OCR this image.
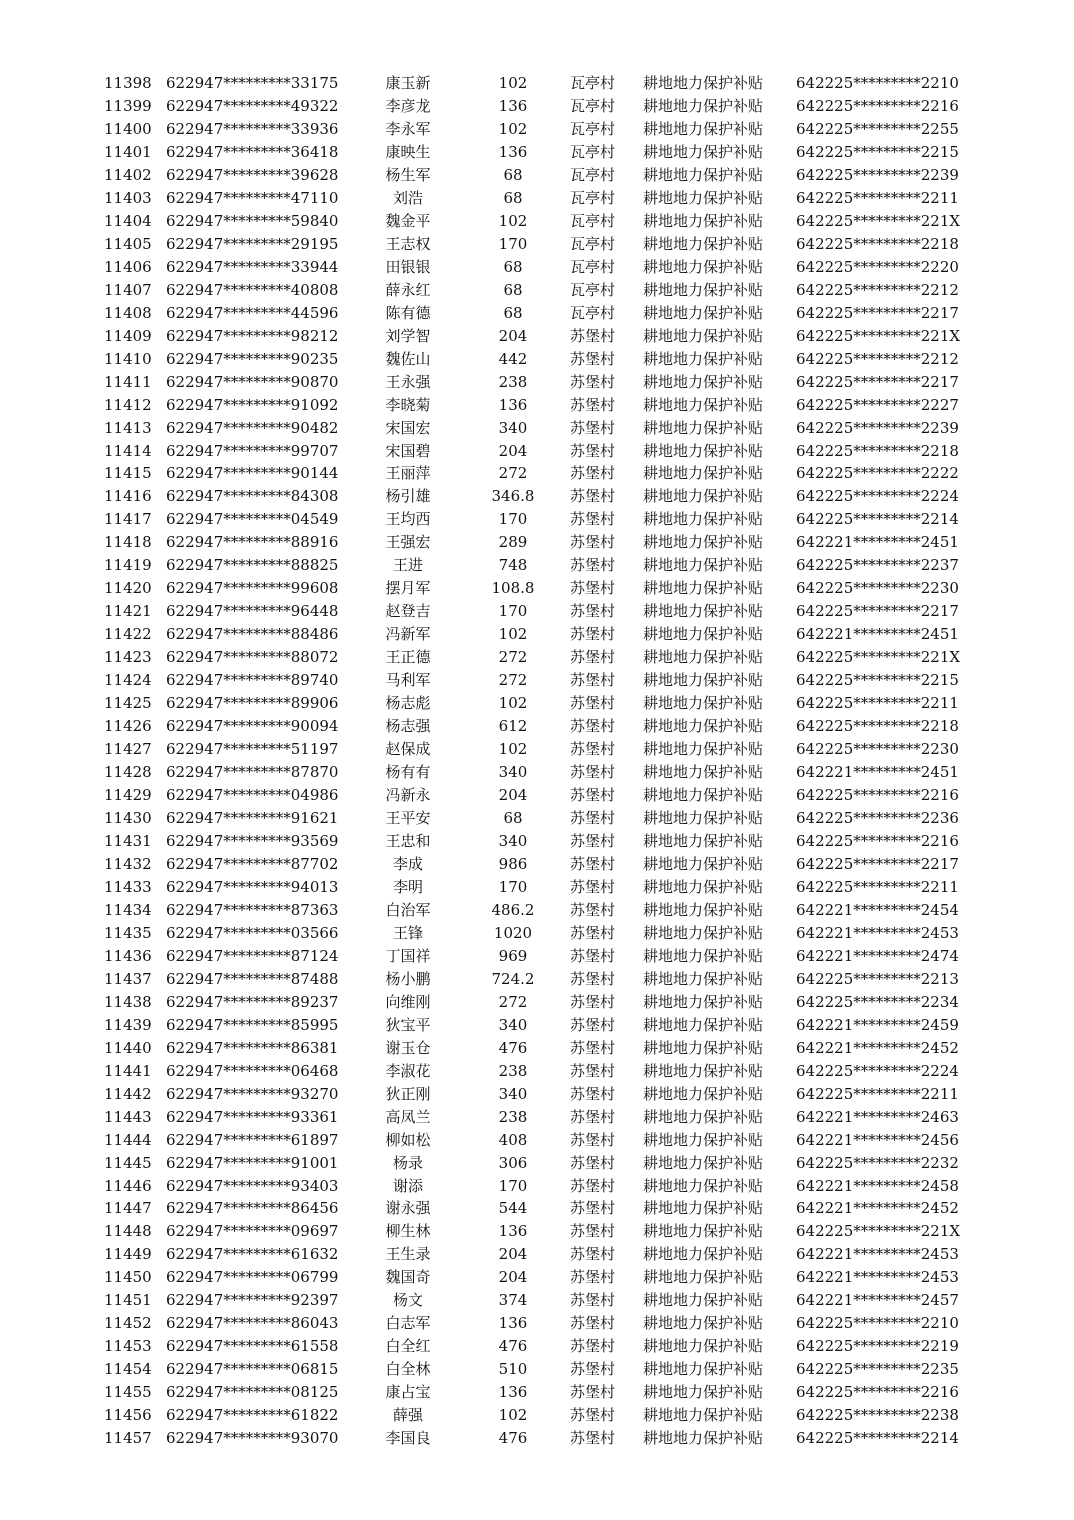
11398 622947*********33175	康玉新	102	瓦亭村	耕地地力保护补贴	642225*********2210
11399 622947*********49322	李彦龙	136	瓦亭村	耕地地力保护补贴	642225*********2216
11400 622947*********33936	李永军	102	瓦亭村	耕地地力保护补贴	642225*********2255
11401 622947*********36418	康映生	136	瓦亭村	耕地地力保护补贴	642225*********2215
11402 622947*********39628	杨生军	68	瓦亭村	耕地地力保护补贴	642225*********2239
11403 622947*********47110	刘浩	68	瓦亭村	耕地地力保护补贴	642225*********2211
11404 622947*********59840	魏金平	102	瓦亭村	耕地地力保护补贴	642225*********221X
11405 622947*********29195	王志权	170	瓦亭村	耕地地力保护补贴	642225*********2218
11406 622947*********33944	田银银	68	瓦亭村	耕地地力保护补贴	642225*********2220
11407 622947*********40808	薛永红	68	瓦亭村	耕地地力保护补贴	642225*********2212
11408 622947*********44596	陈有德	68	瓦亭村	耕地地力保护补贴	642225*********2217
11409 622947*********98212	刘学智	204	苏堡村	耕地地力保护补贴	642225*********221X
11410 622947*********90235	魏佐山	442	苏堡村	耕地地力保护补贴	642225*********2212
11411 622947*********90870	王永强	238	苏堡村	耕地地力保护补贴	642225*********2217
11412 622947*********91092	李晓菊	136	苏堡村	耕地地力保护补贴	642225*********2227
11413 622947*********90482	宋国宏	340	苏堡村	耕地地力保护补贴	642225*********2239
11414 622947*********99707	宋国碧	204	苏堡村	耕地地力保护补贴	642225*********2218
11415 622947*********90144	王丽萍	272	苏堡村	耕地地力保护补贴	642225*********2222
11416 622947*********84308	杨引雄	346.8	苏堡村	耕地地力保护补贴	642225*********2224
11417 622947*********04549	王均西	170	苏堡村	耕地地力保护补贴	642225*********2214
11418 622947*********88916	王强宏	289	苏堡村	耕地地力保护补贴	642221*********2451
11419 622947*********88825	王进	748	苏堡村	耕地地力保护补贴	642225*********2237
11420 622947*********99608	摆月军	108.8	苏堡村	耕地地力保护补贴	642225*********2230
11421 622947*********96448	赵登吉	170	苏堡村	耕地地力保护补贴	642225*********2217
11422 622947*********88486	冯新军	102	苏堡村	耕地地力保护补贴	642221*********2451
11423 622947*********88072	王正德	272	苏堡村	耕地地力保护补贴	642225*********221X
11424 622947*********89740	马利军	272	苏堡村	耕地地力保护补贴	642225*********2215
11425 622947*********89906	杨志彪	102	苏堡村	耕地地力保护补贴	642225*********2211
11426 622947*********90094	杨志强	612	苏堡村	耕地地力保护补贴	642225*********2218
11427 622947*********51197	赵保成	102	苏堡村	耕地地力保护补贴	642225*********2230
11428 622947*********87870	杨有有	340	苏堡村	耕地地力保护补贴	642221*********2451
11429 622947*********04986	冯新永	204	苏堡村	耕地地力保护补贴	642225*********2216
11430 622947*********91621	王平安	68	苏堡村	耕地地力保护补贴	642225*********2236
11431 622947*********93569	王忠和	340	苏堡村	耕地地力保护补贴	642225*********2216
11432 622947*********87702	李成	986	苏堡村	耕地地力保护补贴	642225*********2217
11433 622947*********94013	李明	170	苏堡村	耕地地力保护补贴	642225*********2211
11434 622947*********87363	白治军	486.2	苏堡村	耕地地力保护补贴	642221*********2454
11435 622947*********03566	王锋	1020	苏堡村	耕地地力保护补贴	642221*********2453
11436 622947*********87124	丁国祥	969	苏堡村	耕地地力保护补贴	642221*********2474
11437 622947*********87488	杨小鹏	724.2	苏堡村	耕地地力保护补贴	642225*********2213
11438 622947*********89237	向维刚	272	苏堡村	耕地地力保护补贴	642225*********2234
11439 622947*********85995	狄宝平	340	苏堡村	耕地地力保护补贴	642221*********2459
11440 622947*********86381	谢玉仓	476	苏堡村	耕地地力保护补贴	642221*********2452
11441 622947*********06468	李淑花	238	苏堡村	耕地地力保护补贴	642225*********2224
11442 622947*********93270	狄正刚	340	苏堡村	耕地地力保护补贴	642225*********2211
11443 622947*********93361	高凤兰	238	苏堡村	耕地地力保护补贴	642221*********2463
11444 622947*********61897	柳如松	408	苏堡村	耕地地力保护补贴	642221*********2456
11445 622947*********91001	杨录	306	苏堡村	耕地地力保护补贴	642225*********2232
11446 622947*********93403	谢添	170	苏堡村	耕地地力保护补贴	642221*********2458
11447 622947*********86456	谢永强	544	苏堡村	耕地地力保护补贴	642221*********2452
11448 622947*********09697	柳生林	136	苏堡村	耕地地力保护补贴	642225*********221X
11449 622947*********61632	王生录	204	苏堡村	耕地地力保护补贴	642221*********2453
11450 622947*********06799	魏国奇	204	苏堡村	耕地地力保护补贴	642221*********2453
11451 622947*********92397	杨文	374	苏堡村	耕地地力保护补贴	642221*********2457
11452 622947*********86043	白志军	136	苏堡村	耕地地力保护补贴	642225*********2210
11453 622947*********61558	白全红	476	苏堡村	耕地地力保护补贴	642225*********2219
11454 622947*********06815	白全林	510	苏堡村	耕地地力保护补贴	642225*********2235
11455 622947*********08125	康占宝	136	苏堡村	耕地地力保护补贴	642225*********2216
11456 622947*********61822	薛强	102	苏堡村	耕地地力保护补贴	642225*********2238
11457 622947*********93070	李国良	476	苏堡村	耕地地力保护补贴	642225*********2214
